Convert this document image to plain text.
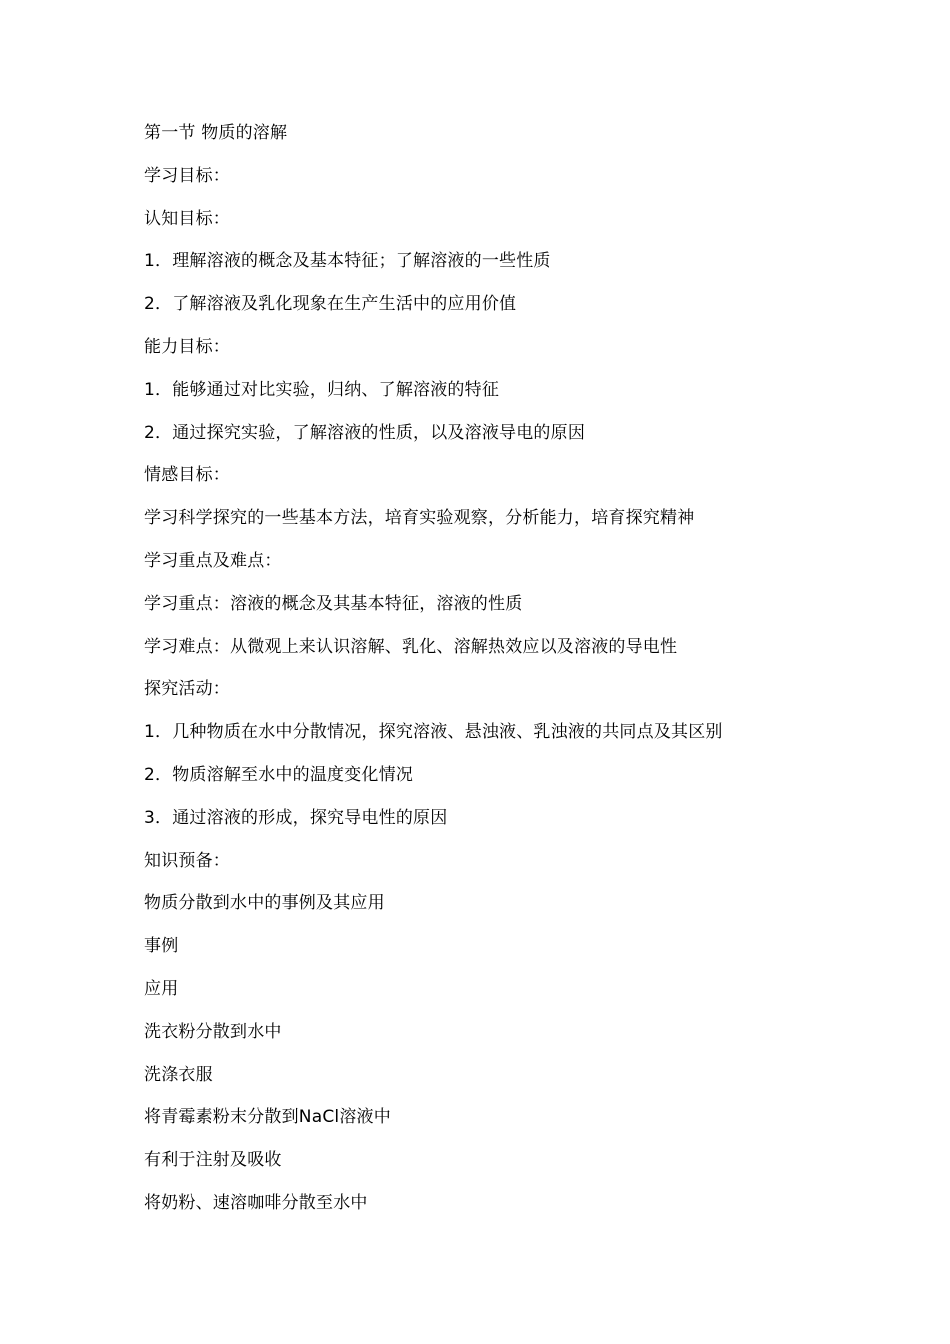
第一节 物质的溶解
学习目标：
认知目标：
1．理解溶液的概念及基本特征；了解溶液的一些性质
2．了解溶液及乳化现象在生产生活中的应用价值
能力目标：
1．能够通过对比实验，归纳、了解溶液的特征
2．通过探究实验，了解溶液的性质，以及溶液导电的原因
情感目标：
学习科学探究的一些基本方法，培育实验观察，分析能力，培育探究精神
学习重点及难点：
学习重点：溶液的概念及其基本特征，溶液的性质
学习难点：从微观上来认识溶解、乳化、溶解热效应以及溶液的导电性
探究活动：
1．几种物质在水中分散情况，探究溶液、悬浊液、乳浊液的共同点及其区别
2．物质溶解至水中的温度变化情况
3．通过溶液的形成，探究导电性的原因
知识预备：
物质分散到水中的事例及其应用
事例
应用
洗衣粉分散到水中
洗涤衣服
将青霉素粉末分散到NaCl溶液中
有利于注射及吸收
将奶粉、速溶咖啡分散至水中
